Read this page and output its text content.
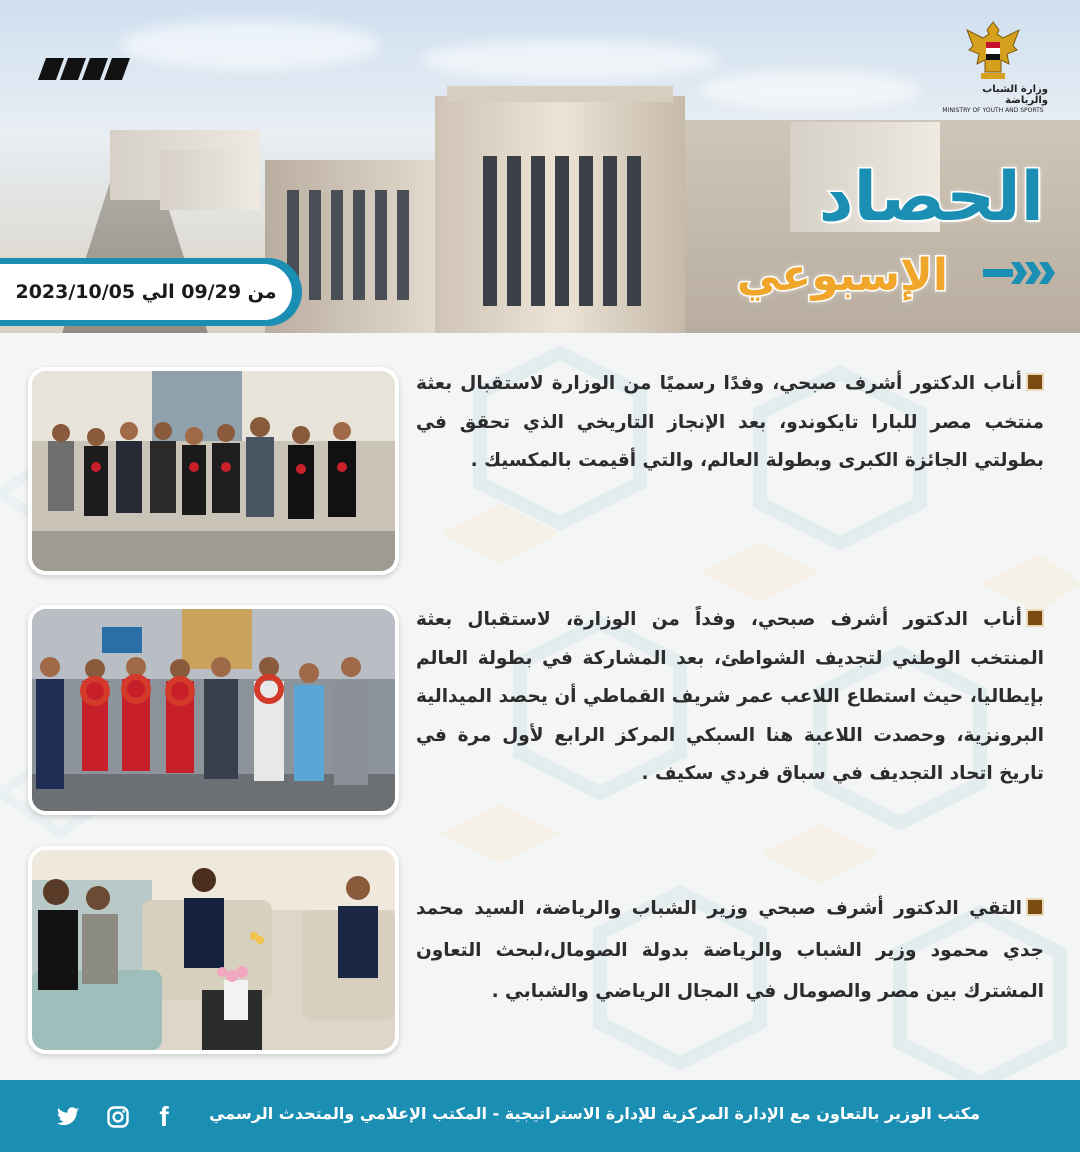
وزارة الشباب والرياضة
MINISTRY OF YOUTH AND SPORTS
الحصاد
الإسبوعي
من 09/29 الي 2023/10/05
أناب الدكتور أشرف صبحي، وفدًا رسميًا من الوزارة لاستقبال بعثة منتخب مصر للبارا تايكوندو، بعد الإنجاز التاريخي الذي تحقق في بطولتي الجائزة الكبرى وبطولة العالم، والتي أقيمت بالمكسيك .
أناب الدكتور أشرف صبحي، وفداً من الوزارة، لاستقبال بعثة المنتخب الوطني لتجديف الشواطئ، بعد المشاركة في بطولة العالم بإيطاليا، حيث استطاع اللاعب عمر شريف القماطي أن يحصد الميدالية البرونزية، وحصدت اللاعبة هنا السبكي المركز الرابع لأول مرة في تاريخ اتحاد التجديف في سباق فردي سكيف .
التقي الدكتور أشرف صبحي وزير الشباب والرياضة، السيد محمد جدي محمود وزير الشباب والرياضة بدولة الصومال،لبحث التعاون المشترك بين مصر والصومال في المجال الرياضي والشبابي .
مكتب الوزير بالتعاون مع الإدارة المركزية للإدارة الاستراتيجية - المكتب الإعلامي والمتحدث الرسمي
f
